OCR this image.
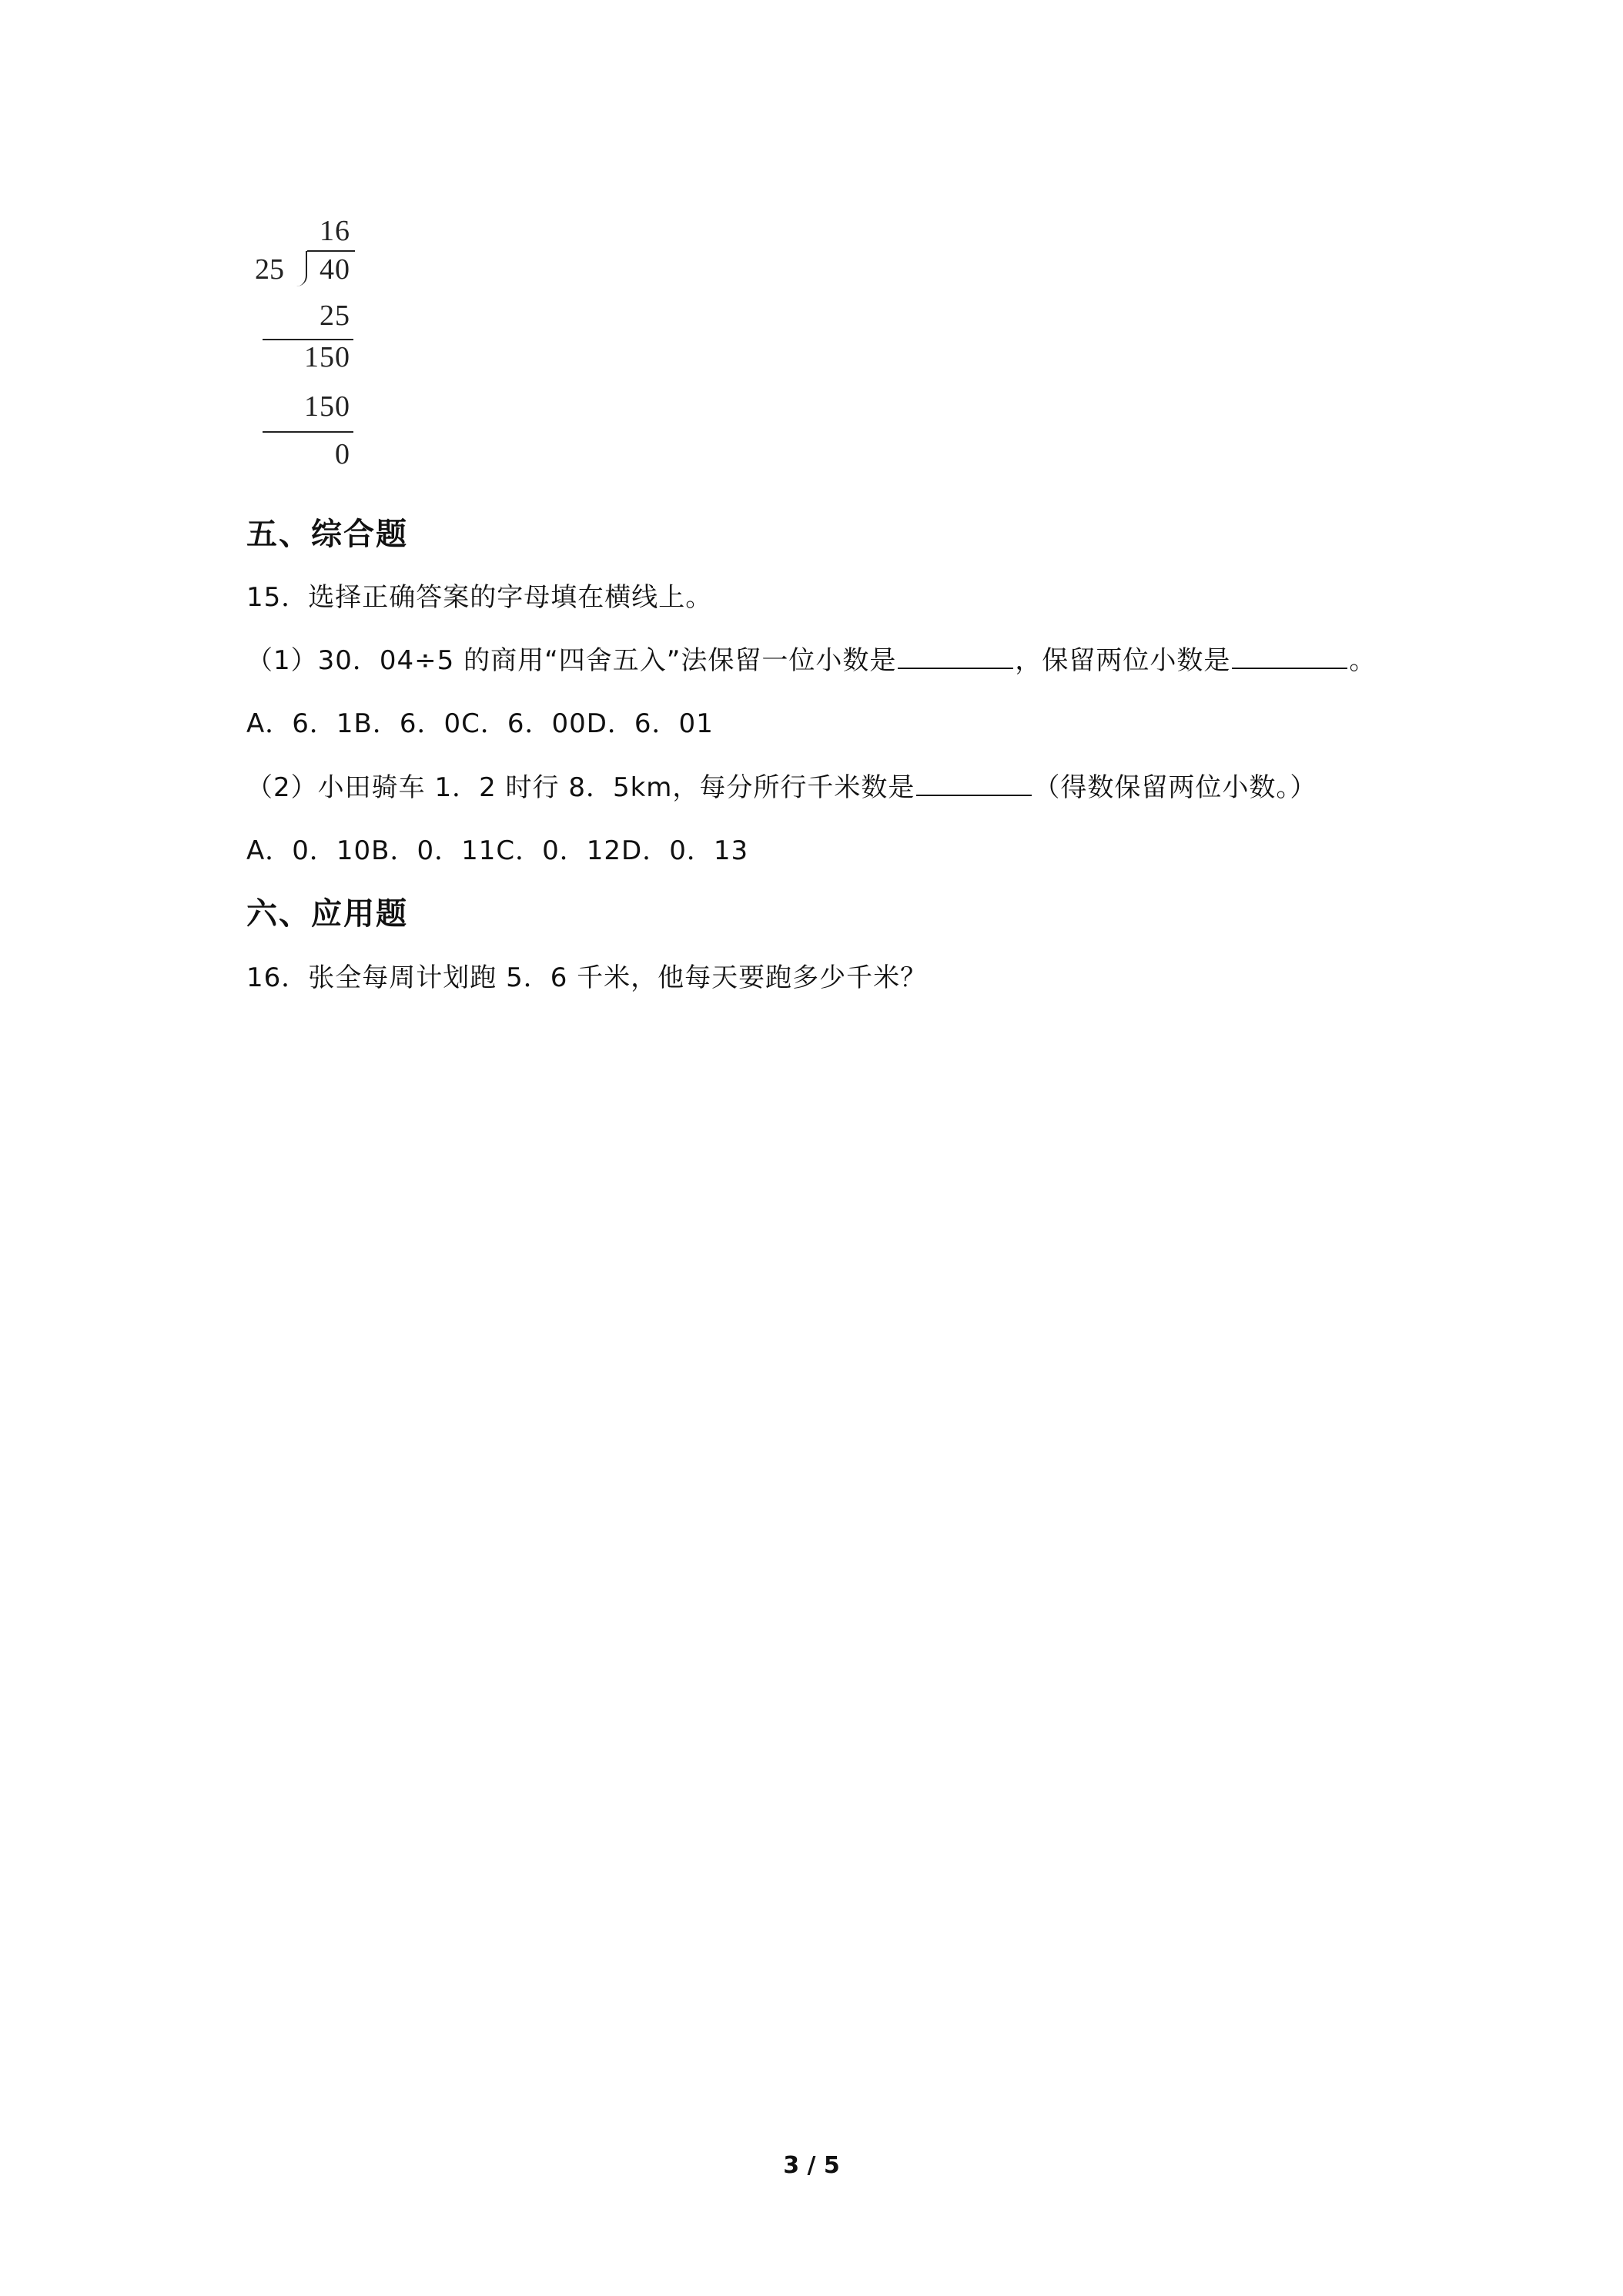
16
25 40
25
150
150
0
五、综合题
15．选择正确答案的字母填在横线上。
（1）30．04÷5 的商用“四舍五入”法保留一位小数是	，保留两位小数是	。
A．6．1B．6．0C．6．00D．6．01
（2）小田骑车 1．2 时行 8．5km，每分所行千米数是	（得数保留两位小数。）
A．0．10B．0．11C．0．12D．0．13
六、应用题
16．张全每周计划跑 5．6 千米，他每天要跑多少千米？
3 / 5
